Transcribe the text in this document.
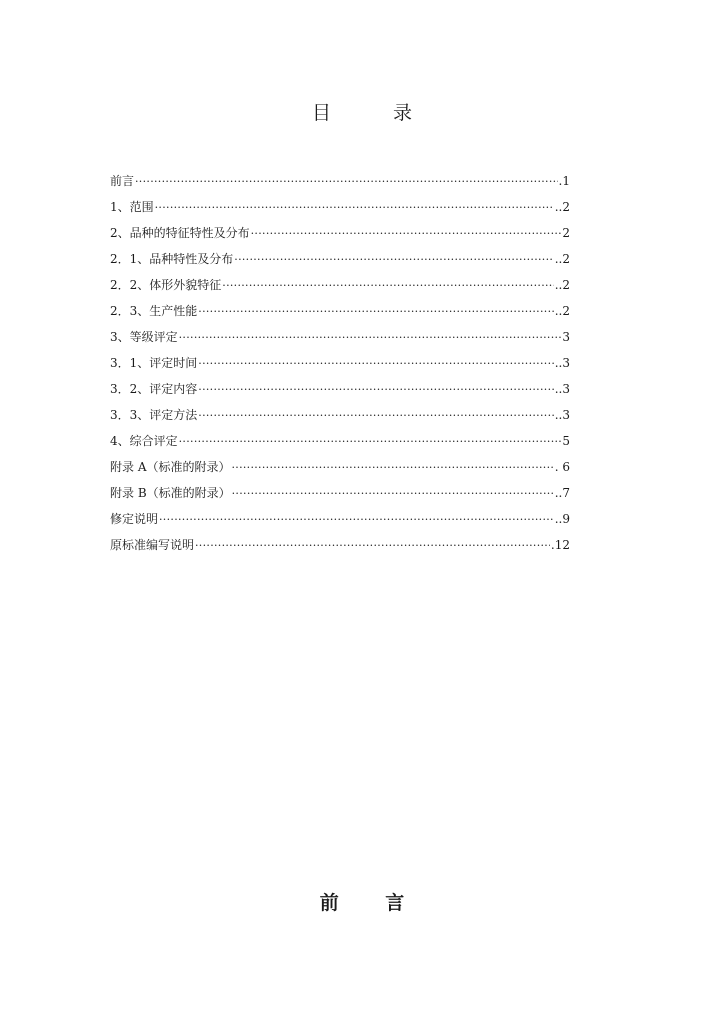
目 录
前言 ·····	.1
1、范围 ·····	..2
2、品种的特征特性及分布 ·····	2
2．1、品种特性及分布 ·····	..2
2．2、体形外貌特征 ·····	..2
2．3、生产性能 ·····	..2
3、等级评定 ·····	3
3．1、评定时间 ·····	..3
3．2、评定内容 ·····	..3
3．3、评定方法 ·····	..3
4、综合评定 ·····	5
附录 A（标准的附录） ·····	. 6
附录 B（标准的附录） ·····	..7
修定说明 ·····	..9
原标准编写说明 ·····	.12
前 言
